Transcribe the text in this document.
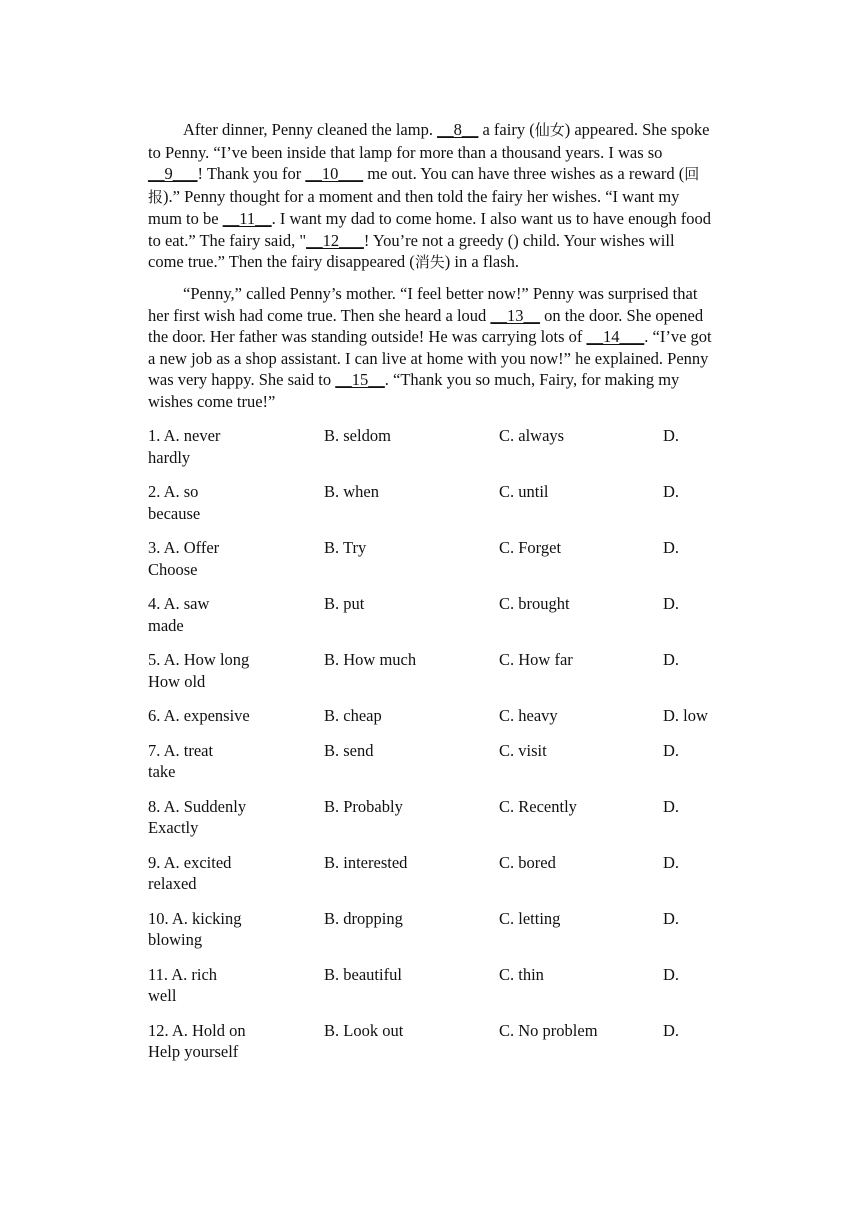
After dinner, Penny cleaned the lamp. __8__ a fairy (仙女) appeared. She spoke to Penny. “I’ve been inside that lamp for more than a thousand years. I was so __9___! Thank you for __10___ me out. You can have three wishes as a reward (回报).” Penny thought for a moment and then told the fairy her wishes. “I want my mum to be __11__. I want my dad to come home. I also want us to have enough food to eat.” The fairy said, "__12___! You’re not a greedy () child. Your wishes will come true.” Then the fairy disappeared (消失) in a flash.

“Penny,” called Penny’s mother. “I feel better now!” Penny was surprised that her first wish had come true. Then she heard a loud __13__ on the door. She opened the door. Her father was standing outside! He was carrying lots of __14___. “I’ve got a new job as a shop assistant. I can live at home with you now!” he explained. Penny was very happy. She said to __15__. “Thank you so much, Fairy, for making my wishes come true!”

1. A. never	B. seldom	C. always	D.
hardly
2. A. so	B. when	C. until	D.
because
3. A. Offer	B. Try	C. Forget	D.
Choose
4. A. saw	B. put	C. brought	D.
made
5. A. How long	B. How much	C. How far	D.
How old
6. A. expensive	B. cheap	C. heavy	D. low
7. A. treat	B. send	C. visit	D.
take
8. A. Suddenly	B. Probably	C. Recently	D.
Exactly
9. A. excited	B. interested	C. bored	D.
relaxed
10. A. kicking	B. dropping	C. letting	D.
blowing
11. A. rich	B. beautiful	C. thin	D.
well
12. A. Hold on	B. Look out	C. No problem	D.
Help yourself
